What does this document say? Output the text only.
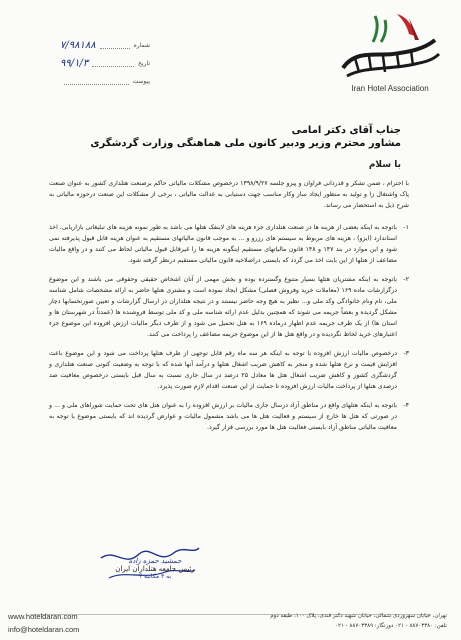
Iran Hotel Association
۷/۹۸۱۸۸	شماره
۹۹/۱/۳	تاریخ
پیوست
جناب آقای دکتر امامی
مشاور محترم وزیر ودبیر کانون ملی هماهنگی وزارت گردشگری
با سلام
با احترام ، ضمن تشکر و قدردانی فراوان و پیرو جلسه ۱۳۹۸/۹/۲۷ درخصوص مشکلات مالیاتی حاکم برصنعت هتلداری کشور به عنوان صنعت پاک واشتغال زا و تولید به منظور ایجاد ساز وکار مناسب جهت دستیابی به عدالت مالیاتی ، برخی از مشکلات این صنعت درحوزه مالیاتی به شرح ذیل به استحضار می رساند.
۱-
باتوجه به اینکه بعضی از هزینه ها در صنعت هتلداری جزء هزینه های لاینفک هتلها می باشد به طور نمونه هزینه های تبلیغاتی بازاریابی، اخذ استاندارد (ایزو) ، هزینه های مربوط به سیستم های رزرو و ... به موجب قانون مالیاتهای مستقیم به عنوان هزینه قابل قبول پذیرفته نمی شود و این موارد در بند ۱۴۷ و ۱۴۸ قانون مالیاتهای مستقیم اینگونه هزینه ها را غیرقابل قبول مالیاتی لحاظ می کنند و در واقع مالیات مضاعف از هتلها از این بابت اخذ می گردد که بایستی دراصلاحیه قانون مالیاتی مستقیم درنظر گرفته شود.
۲-
باتوجه به اینکه مشتریان هتلها بسیار متنوع وگسترده بوده و بخش مهمی از آنان اشخاص حقیقی وحقوقی می باشند و این موضوع درگزارشات ماده ۱۶۹ (معاملات خرید وفروش فصلی) مشکل ایجاد نموده است و مشتری هتلها حاضر به ارائه مشخصات شامل شناسه ملی، نام ونام خانوادگی وکد ملی و... نظیر به هیچ وجه حاضر نیستند و در نتیجه هتلداران در ارسال گزارشات و تعیین صورتحسابها دچار مشکل گردیده و بعضاً جریمه می شوند که همچنین بدلیل عدم ارائه شناسه ملی و کد ملی توسط فروشنده ها (عمدتاً در شهرستان ها و استان ها) از یک طرف جریمه عدم اظهار درماده ۱۶۹ به هتل تحمیل می شود و از طرف دیگر مالیات ارزش افزوده این موضوع جزء اعتبارهای خرید لحاظ نگردیده و در واقع هتل ها از این موضوع جریمه مضاعف را پرداخت می کنند.
۳-
درخصوص مالیات ارزش افزوده با توجه به اینکه هر سه ماه رقم قابل توجهی از طرف هتلها پرداخت می شود و این موضوع باعث افزایش قیمت و نرخ هتلها شده و منجر به کاهش ضریب اشغال هتلها و درآمد آنها شده که با توجه به وضعیت کنونی صنعت هتلداری و گردشگری کشور و کاهش ضریب اشغال هتل ها معادل ۲۵ درصد در سال جاری نسبت به سال قبل بایستی درخصوص معافیت صد درصدی هتلها از پرداخت مالیات ارزش افزوده تا حمایت از این صنعت اقدام لازم صورت پذیرد.
۴-
باتوجه به اینکه هتلهای واقع در مناطق آزاد درسال جاری مالیات بر ارزش افزوده را به عنوان هتل های تحت حمایت شوراهای ملی و ... و در صورتی که هتل ها خارج از سیستم و فعالیت هتل ها می باشد مشمول مالیات و عوارض گردیده اند که بایستی موضوع با توجه به معافیت مالیاتی مناطق آزاد بایستی فعالیت هتل ها مورد بررسی قرار گیرد.
جمشید حمزه زاده
رئیس جامعه هتلداران ایران
به ۳ مکاتبه ؟
www.hoteldaran.com
info@hoteldaran.com
تهران، خیابان سهروردی شمالی، خیابان شهید دکتر قندی، پلاک ۱۰۰، طبقه دوم
تلفن: ۸۸۷۰۳۳۸۰ - ۰۲۱ دورنگار: ۸۸۷۰۳۳۸۹ - ۰۲۱
